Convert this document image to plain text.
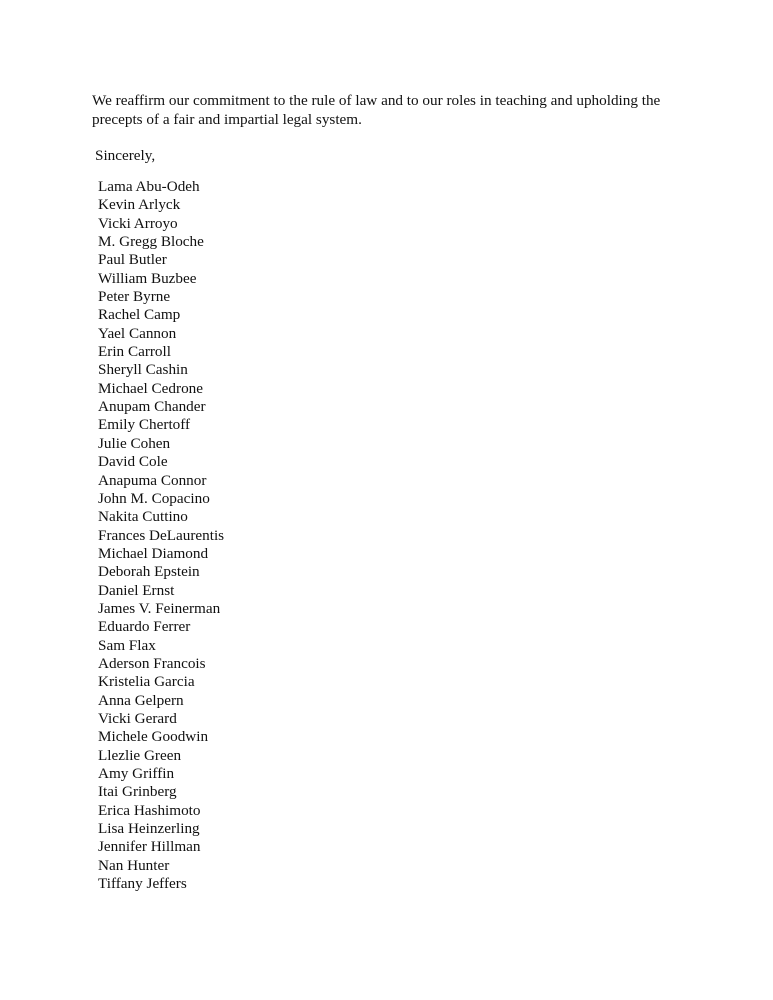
We reaffirm our commitment to the rule of law and to our roles in teaching and upholding the precepts of a fair and impartial legal system.

Sincerely,

Lama Abu-Odeh
Kevin Arlyck
Vicki Arroyo
M. Gregg Bloche
Paul Butler
William Buzbee
Peter Byrne
Rachel Camp
Yael Cannon
Erin Carroll
Sheryll Cashin
Michael Cedrone
Anupam Chander
Emily Chertoff
Julie Cohen
David Cole
Anapuma Connor
John M. Copacino
Nakita Cuttino
Frances DeLaurentis
Michael Diamond
Deborah Epstein
Daniel Ernst
James V. Feinerman
Eduardo Ferrer
Sam Flax
Aderson Francois
Kristelia Garcia
Anna Gelpern
Vicki Gerard
Michele Goodwin
Llezlie Green
Amy Griffin
Itai Grinberg
Erica Hashimoto
Lisa Heinzerling
Jennifer Hillman
Nan Hunter
Tiffany Jeffers
